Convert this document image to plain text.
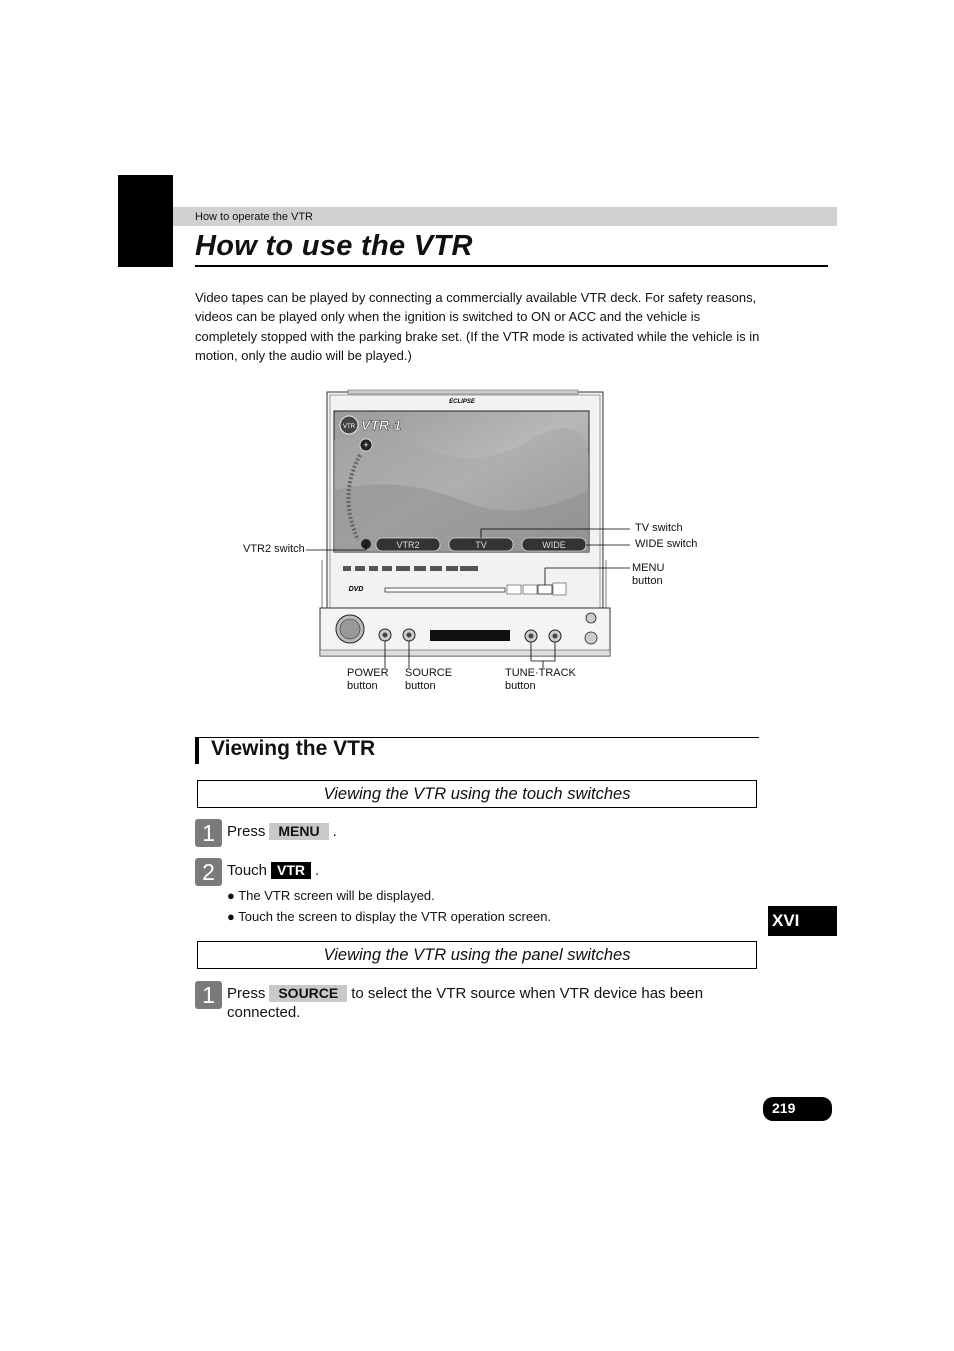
How to operate the VTR
How to use the VTR
Video tapes can be played by connecting a commercially available VTR deck. For safety reasons, videos can be played only when the ignition is switched to ON or ACC and the vehicle is completely stopped with the parking brake set. (If the VTR mode is activated while the vehicle is in motion, only the audio will be played.)
ECLIPSE
VTR VTR-1
+
VTR2	TV	WIDE
DVD
VTR2 switch
TV switch
WIDE switch
MENU
button
POWER
button
SOURCE
button
TUNE·TRACK
button
Viewing the VTR
Viewing the VTR using the touch switches
1 Press MENU .
2 Touch VTR .
● The VTR screen will be displayed.
● Touch the screen to display the VTR operation screen.
Viewing the VTR using the panel switches
1 Press SOURCE to select the VTR source when VTR device has been connected.
XVI
219
